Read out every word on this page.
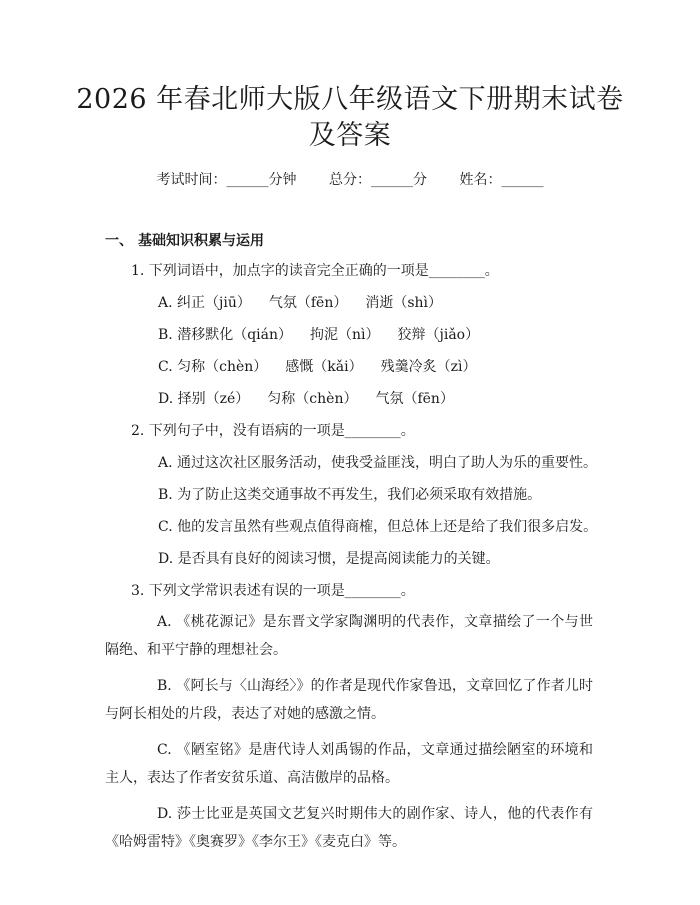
2026 年春北师大版八年级语文下册期末试卷
及答案
考试时间：______分钟 总分：______分 姓名：______
一、 基础知识积累与运用
1. 下列词语中，加点字的读音完全正确的一项是________。
A. 纠正（jiū） 气氛（fēn） 消逝（shì）
B. 潜移默化（qián） 拘泥（nì） 狡辩（jiǎo）
C. 匀称（chèn） 感慨（kǎi） 残羹冷炙（zì）
D. 择别（zé） 匀称（chèn） 气氛（fēn）
2. 下列句子中，没有语病的一项是________。
A. 通过这次社区服务活动，使我受益匪浅，明白了助人为乐的重要性。
B. 为了防止这类交通事故不再发生，我们必须采取有效措施。
C. 他的发言虽然有些观点值得商榷，但总体上还是给了我们很多启发。
D. 是否具有良好的阅读习惯，是提高阅读能力的关键。
3. 下列文学常识表述有误的一项是________。
A. 《桃花源记》是东晋文学家陶渊明的代表作，文章描绘了一个与世隔绝、和平宁静的理想社会。
B. 《阿长与〈山海经〉》的作者是现代作家鲁迅，文章回忆了作者儿时与阿长相处的片段，表达了对她的感激之情。
C. 《陋室铭》是唐代诗人刘禹锡的作品，文章通过描绘陋室的环境和主人，表达了作者安贫乐道、高洁傲岸的品格。
D. 莎士比亚是英国文艺复兴时期伟大的剧作家、诗人，他的代表作有《哈姆雷特》《奥赛罗》《李尔王》《麦克白》等。
